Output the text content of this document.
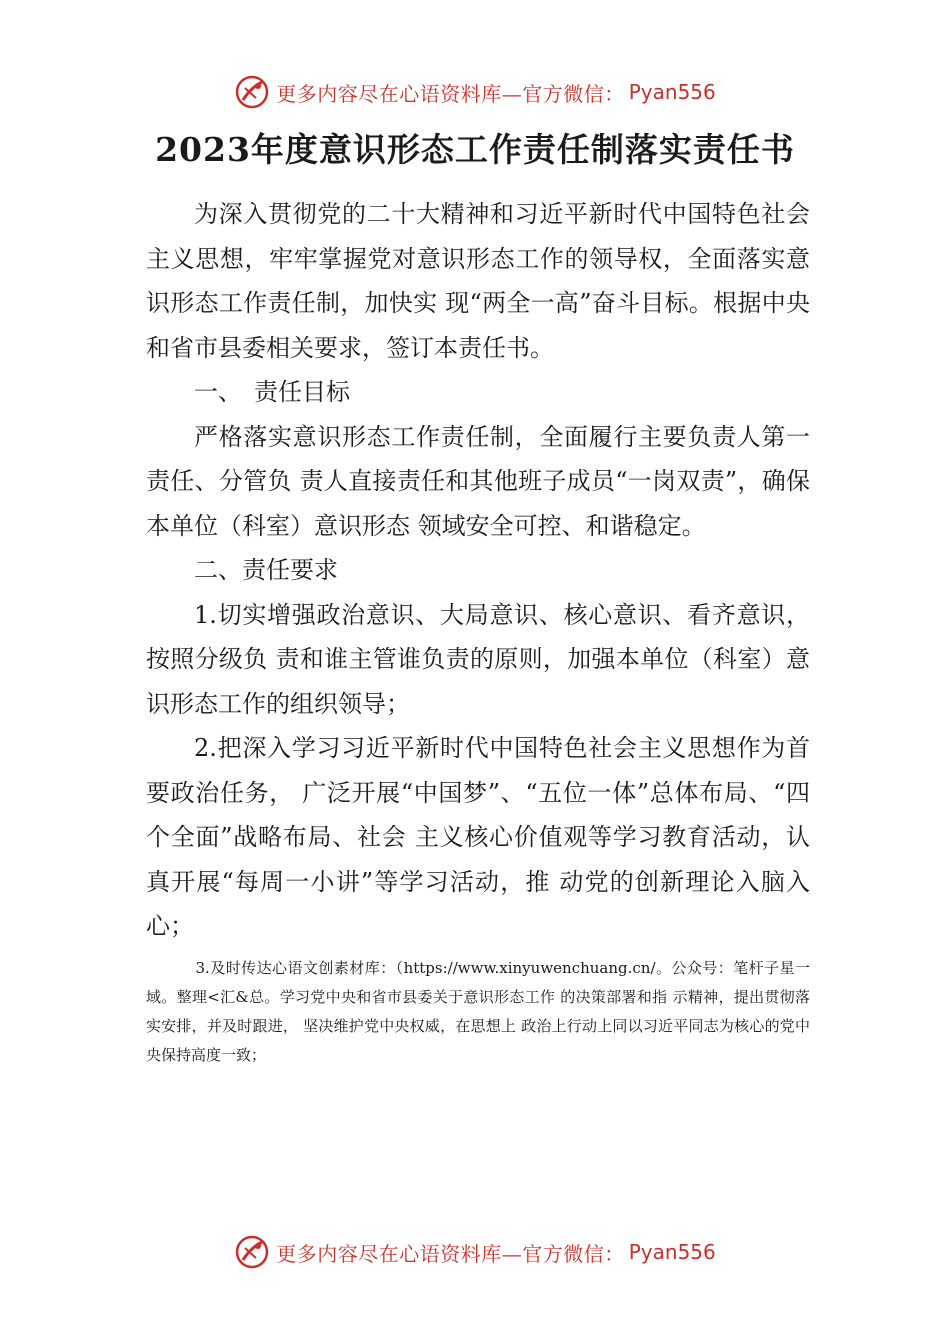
更多内容尽在心语资料库—官方微信： Pyan556
2023年度意识形态工作责任制落实责任书

为深入贯彻党的二十大精神和习近平新时代中国特色社会主义思想，牢牢掌握党对意识形态工作的领导权，全面落实意识形态工作责任制，加快实 现“两全一高”奋斗目标。根据中央和省市县委相关要求，签订本责任书。

一、　责任目标

严格落实意识形态工作责任制，全面履行主要负责人第一责任、分管负 责人直接责任和其他班子成员“一岗双责”，确保本单位（科室）意识形态 领域安全可控、和谐稳定。

二、责任要求

1.切实增强政治意识、大局意识、核心意识、看齐意识，按照分级负 责和谁主管谁负责的原则，加强本单位（科室）意识形态工作的组织领导；

2.把深入学习习近平新时代中国特色社会主义思想作为首要政治任务， 广泛开展“中国梦”、“五位一体”总体布局、“四个全面”战略布局、社会 主义核心价值观等学习教育活动，认真开展“每周一小讲”等学习活动，推 动党的创新理论入脑入心；

3.及时传达心语文创素材库：（https://www.xinyuwenchuang.cn/。公众号：笔杆子星一域。整理<汇&总。学习党中央和省市县委关于意识形态工作 的决策部署和指 示精神，提出贯彻落实安排，并及时跟进， 坚决维护党中央权威，在思想上 政治上行动上同以习近平同志为核心的党中央保持高度一致；

更多内容尽在心语资料库—官方微信： Pyan556
